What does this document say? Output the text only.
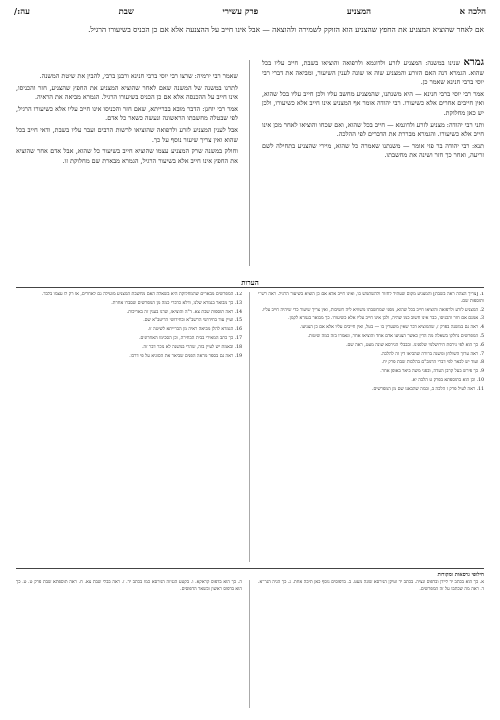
הלכה א
המצניע
פרק עשירי
שבת
עה:/
אם לאחר שהוציא המצניע את החפץ שהצניע הוא הזוקק לשמירה ולהוצאה — אבל אינו חייב על ההצנעה אלא אם כן הכניס בשיעורו הרגיל.

גמרא שנינו במשנה: המצניע לזרע ולדוגמא ולרפואה והוציאו בשבת, חייב עליו בכל שהוא. הגמרא דנה האם הזורע והמצניע שוה או שונה לענין השיעור, ומביאה את דברי רבי יוסי ברבי חנינא שאמר כן.

אמר רבי יוסי ברבי חנינא — היא משנתנו, שהמצניע מחשב עליו ולכן חייב עליו בכל שהוא, ואין חייבים אחרים אלא כשיעורו. רבי יהודה אומר אף המצניע אינו חייב אלא כשיעורו, ולכן יש כאן מחלוקת.

ותני רבי יהודה: מצניע לזרע ולדוגמא — חייב בכל שהוא, ואם שכחו והוציאו לאחר מכן אינו חייב אלא כשיעורו. והגמרא מבררת את הדברים לפי ההלכה.

תנא: רבי יהודה בר פזי אומר — משנתנו שאמרה כל שהוא, מיירי שהצניע בתחילה לשם זריעה, ואחר כך חזר ושינה את מחשבתו.

שאמר רבי ירמיה: שרצו רבי יוסי ברבי חנינא ורבנן ברבי, להבין את שיטת המשנה.

לתרנו במשנה של המשנה שאם לאחר שהוציא המצניע את החפץ שהצניע, חזר והכניסו, אינו חייב על ההכנסה אלא אם כן הכניס בשיעורו הרגיל. הגמרא מביאה את הראיה.

אמר רבי יוחנן: הדבר מובא בברייתא, שאם חזר והכניסו אינו חייב עליו אלא כשיעורו הרגיל, לפי שבטלה מחשבתו הראשונה ונעשה כשאר כל אדם.

אבל לענין המצניע לזרע ולרפואה שהוציאו לרשות הרבים ועבר עליו בשבת, ודאי חייב בכל שהוא ואין צריך שיעור נוסף על כך.

וחולק במשנה שרק המצניע עצמו שהוציא חייב בשיעור כל שהוא, אבל אדם אחר שהוציא את החפץ אינו חייב אלא בשיעור הרגיל, הגמרא מבארת שם מחלוקת זו.

הערות

1. [צריך הצהה ראה בשבת] והמצניע מקום שעתיד לחזור ולהשתמש בו, ואינו חייב אלא אם כן הוציא בשיעור הרגיל. ראה רש"י ותוספות שם.

2. המצניע לזרע ולרפואה והוציאו חייב בכל שהוא, מפני שמחשבתו משוויא ליה חשיבות, ואין צריך שיעור כדי שיהיה חייב עליו.

3. אמנם אם חזר והכניסו, כבר אינו חשוב כמו שהיה, ולכן אינו חייב עליו אלא כשיעורו. כך מבואר בגמרא לקמן.

4. ראה גם במשנה בפרק ז, שהמוציא דבר שאין משערין בו — בטל, ואין חייבים עליו אלא אם כן הצניעו.

5. המפרשים נחלקו בשאלה מה הדין כאשר הצניעו אדם אחד והוציאו אחר, ונאמרו בזה כמה שיטות.

6. כך הוא לפי גירסת הירושלמי שלפנינו. ובבבלי הגירסא שונה מעט, ראה שם.

7. ראה ערוך השולחן ומשנה ברורה שהביאו דין זה להלכה.

8. ועוד יש לבאר לפי דברי הרמב"ם בהלכות שבת פרק יח.

9. כך פירש בעל קרבן העדה, ובפני משה ביאר באופן אחר.

10. וכן הוא בתוספתא בפרק ט הלכה יא.

11. ראה לעיל פרק ז הלכה ב, ובמה שהבאנו שם מן המפרשים.

12. המפרשים מבארים שהמחלוקת היא בשאלה האם מחשבת המצניע מועילה גם לאחרים, או רק לו עצמו בלבד.

13. כך מבואר בגמרא שלנו, ודלא כדברי כמה מן המפרשים שסברו אחרת.

14. ראה תוספות שבת צא. ד"ה והוציאו, שדנו בענין זה באריכות.

15. ועיין עוד בחידושי הרשב"א ובחידושי הריטב"א שם.

16. הגמרא להלן מביאה ראיה מן הברייתא לשיטה זו.

17. כך כתב המאירי בבית הבחירה, וכן הסכימו האחרונים.

18. ובאמת יש לעיין בזה, שהרי במשנה לא נזכר דבר זה.

19. ראה גם בספר מראה הפנים שביאר את הסוגיא על פי דרכו.

חילופי גרסאות ומקורות

א. כך הוא בכתב יד ליידן ובדפוס ונציה. בכתב יד וטיקן הגירסא שונה מעט. ב. בדפוסים נוסף כאן תיבה אחת. ג. כך הגיה הגר"א. ד. ראה מה שכתבו על זה המפרשים.

ה. כך הוא בדפוס קראקא. ו. בקטע הגניזה הגירסא כמו בכתב יד. ז. ראה בבלי שבת צא. ח. ראה תוספתא שבת פרק ט. ט. כך הוא בדפוס ראשון ובשאר הדפוסים.
